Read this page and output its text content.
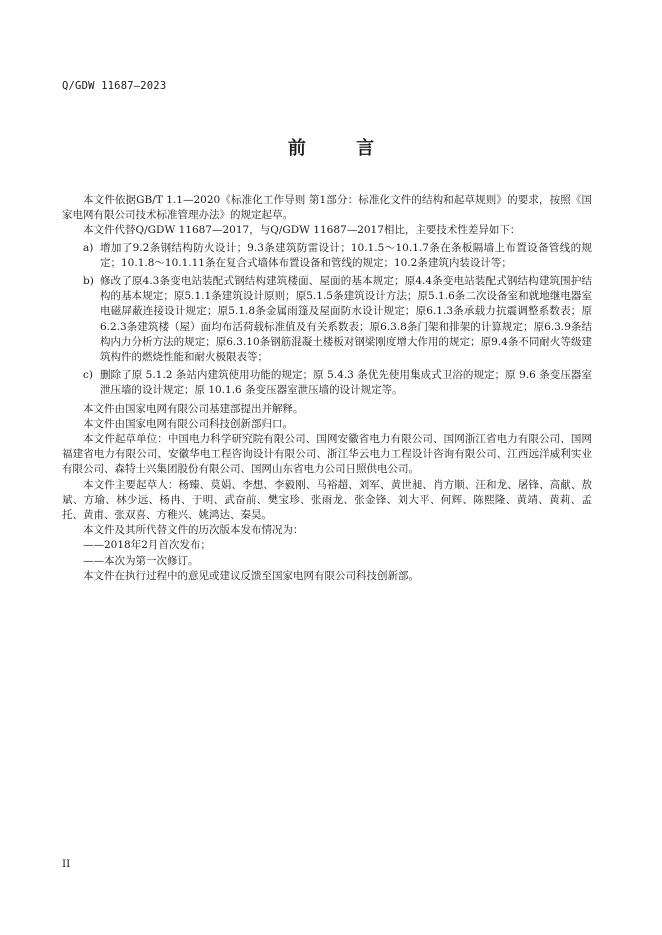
Q/GDW 11687—2023
前 言

本文件依据GB/T 1.1—2020《标准化工作导则 第1部分：标准化文件的结构和起草规则》的要求，按照《国家电网有限公司技术标准管理办法》的规定起草。

本文件代替Q/GDW 11687—2017，与Q/GDW 11687—2017相比，主要技术性差异如下：

a) 增加了9.2条钢结构防火设计；9.3条建筑防雷设计；10.1.5～10.1.7条在条板隔墙上布置设备管线的规定；10.1.8～10.1.11条在复合式墙体布置设备和管线的规定；10.2条建筑内装设计等；
b) 修改了原4.3条变电站装配式钢结构建筑楼面、屋面的基本规定；原4.4条变电站装配式钢结构建筑围护结构的基本规定；原5.1.1条建筑设计原则；原5.1.5条建筑设计方法；原5.1.6条二次设备室和就地继电器室电磁屏蔽连接设计规定；原5.1.8条金属雨篷及屋面防水设计规定；原6.1.3条承载力抗震调整系数表；原6.2.3条建筑楼（屋）面均布活荷载标准值及有关系数表；原6.3.8条门架和排架的计算规定；原6.3.9条结构内力分析方法的规定；原6.3.10条钢筋混凝土楼板对钢梁刚度增大作用的规定；原9.4条不同耐火等级建筑构件的燃烧性能和耐火极限表等；
c) 删除了原 5.1.2 条站内建筑使用功能的规定；原 5.4.3 条优先使用集成式卫浴的规定；原 9.6 条变压器室泄压墙的设计规定；原 10.1.6 条变压器室泄压墙的设计规定等。

本文件由国家电网有限公司基建部提出并解释。

本文件由国家电网有限公司科技创新部归口。

本文件起草单位：中国电力科学研究院有限公司、国网安徽省电力有限公司、国网浙江省电力有限公司、国网福建省电力有限公司、安徽华电工程咨询设计有限公司、浙江华云电力工程设计咨询有限公司、江西远洋威利实业有限公司、森特士兴集团股份有限公司、国网山东省电力公司日照供电公司。

本文件主要起草人：杨臻、莫娟、李想、李毅刚、马裕超、刘军、黄世昶、肖方顺、汪和龙、屠锋、高献、敖斌、方瑜、林少远、杨冉、于明、武奋前、樊宝珍、张雨龙、张金锋、刘大平、何辉、陈熙隆、黄靖、黄莉、孟托、黄甫、张双喜、方稚兴、姚鸿达、秦昊。

本文件及其所代替文件的历次版本发布情况为：

——2018年2月首次发布；

——本次为第一次修订。

本文件在执行过程中的意见或建议反馈至国家电网有限公司科技创新部。

II
